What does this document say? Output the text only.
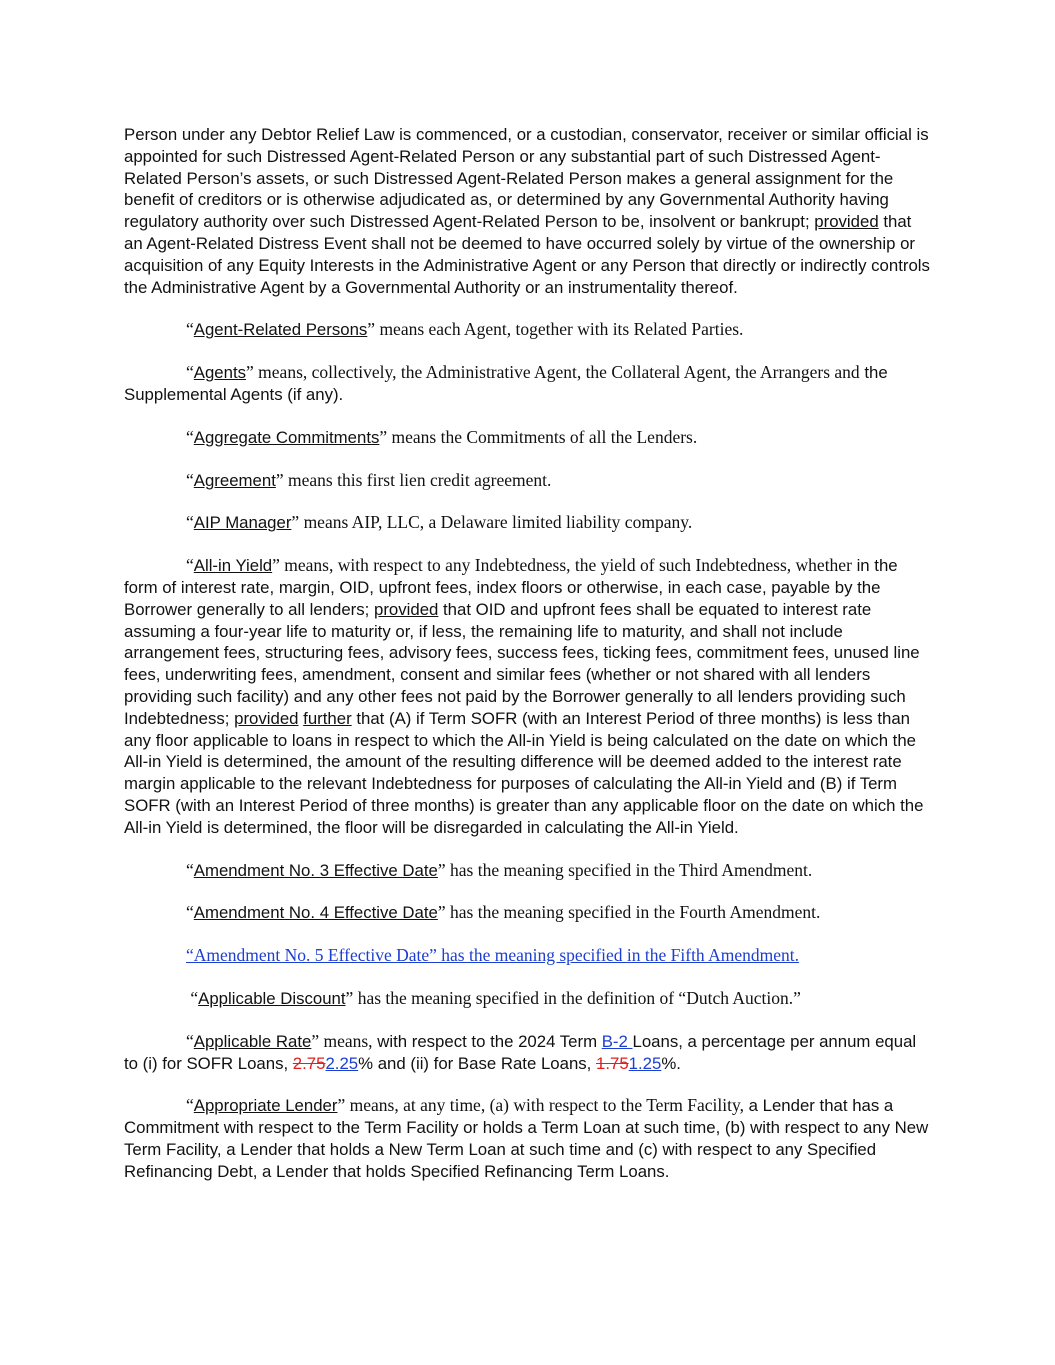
Person under any Debtor Relief Law is commenced, or a custodian, conservator, receiver or similar official is appointed for such Distressed Agent-Related Person or any substantial part of such Distressed Agent-Related Person’s assets, or such Distressed Agent-Related Person makes a general assignment for the benefit of creditors or is otherwise adjudicated as, or determined by any Governmental Authority having regulatory authority over such Distressed Agent-Related Person to be, insolvent or bankrupt; provided that an Agent-Related Distress Event shall not be deemed to have occurred solely by virtue of the ownership or acquisition of any Equity Interests in the Administrative Agent or any Person that directly or indirectly controls the Administrative Agent by a Governmental Authority or an instrumentality thereof.

“Agent-Related Persons” means each Agent, together with its Related Parties.

“Agents” means, collectively, the Administrative Agent, the Collateral Agent, the Arrangers and the Supplemental Agents (if any).

“Aggregate Commitments” means the Commitments of all the Lenders.

“Agreement” means this first lien credit agreement.

“AIP Manager” means AIP, LLC, a Delaware limited liability company.

“All-in Yield” means, with respect to any Indebtedness, the yield of such Indebtedness, whether in the form of interest rate, margin, OID, upfront fees, index floors or otherwise, in each case, payable by the Borrower generally to all lenders; provided that OID and upfront fees shall be equated to interest rate assuming a four-year life to maturity or, if less, the remaining life to maturity, and shall not include arrangement fees, structuring fees, advisory fees, success fees, ticking fees, commitment fees, unused line fees, underwriting fees, amendment, consent and similar fees (whether or not shared with all lenders providing such facility) and any other fees not paid by the Borrower generally to all lenders providing such Indebtedness; provided further that (A) if Term SOFR (with an Interest Period of three months) is less than any floor applicable to loans in respect to which the All-in Yield is being calculated on the date on which the All-in Yield is determined, the amount of the resulting difference will be deemed added to the interest rate margin applicable to the relevant Indebtedness for purposes of calculating the All-in Yield and (B) if Term SOFR (with an Interest Period of three months) is greater than any applicable floor on the date on which the All-in Yield is determined, the floor will be disregarded in calculating the All-in Yield.

“Amendment No. 3 Effective Date” has the meaning specified in the Third Amendment.

“Amendment No. 4 Effective Date” has the meaning specified in the Fourth Amendment.

“Amendment No. 5 Effective Date” has the meaning specified in the Fifth Amendment.

“Applicable Discount” has the meaning specified in the definition of “Dutch Auction.”

“Applicable Rate” means, with respect to the 2024 Term B-2 Loans, a percentage per annum equal to (i) for SOFR Loans, 2.752.25% and (ii) for Base Rate Loans, 1.751.25%.

“Appropriate Lender” means, at any time, (a) with respect to the Term Facility, a Lender that has a Commitment with respect to the Term Facility or holds a Term Loan at such time, (b) with respect to any New Term Facility, a Lender that holds a New Term Loan at such time and (c) with respect to any Specified Refinancing Debt, a Lender that holds Specified Refinancing Term Loans.
